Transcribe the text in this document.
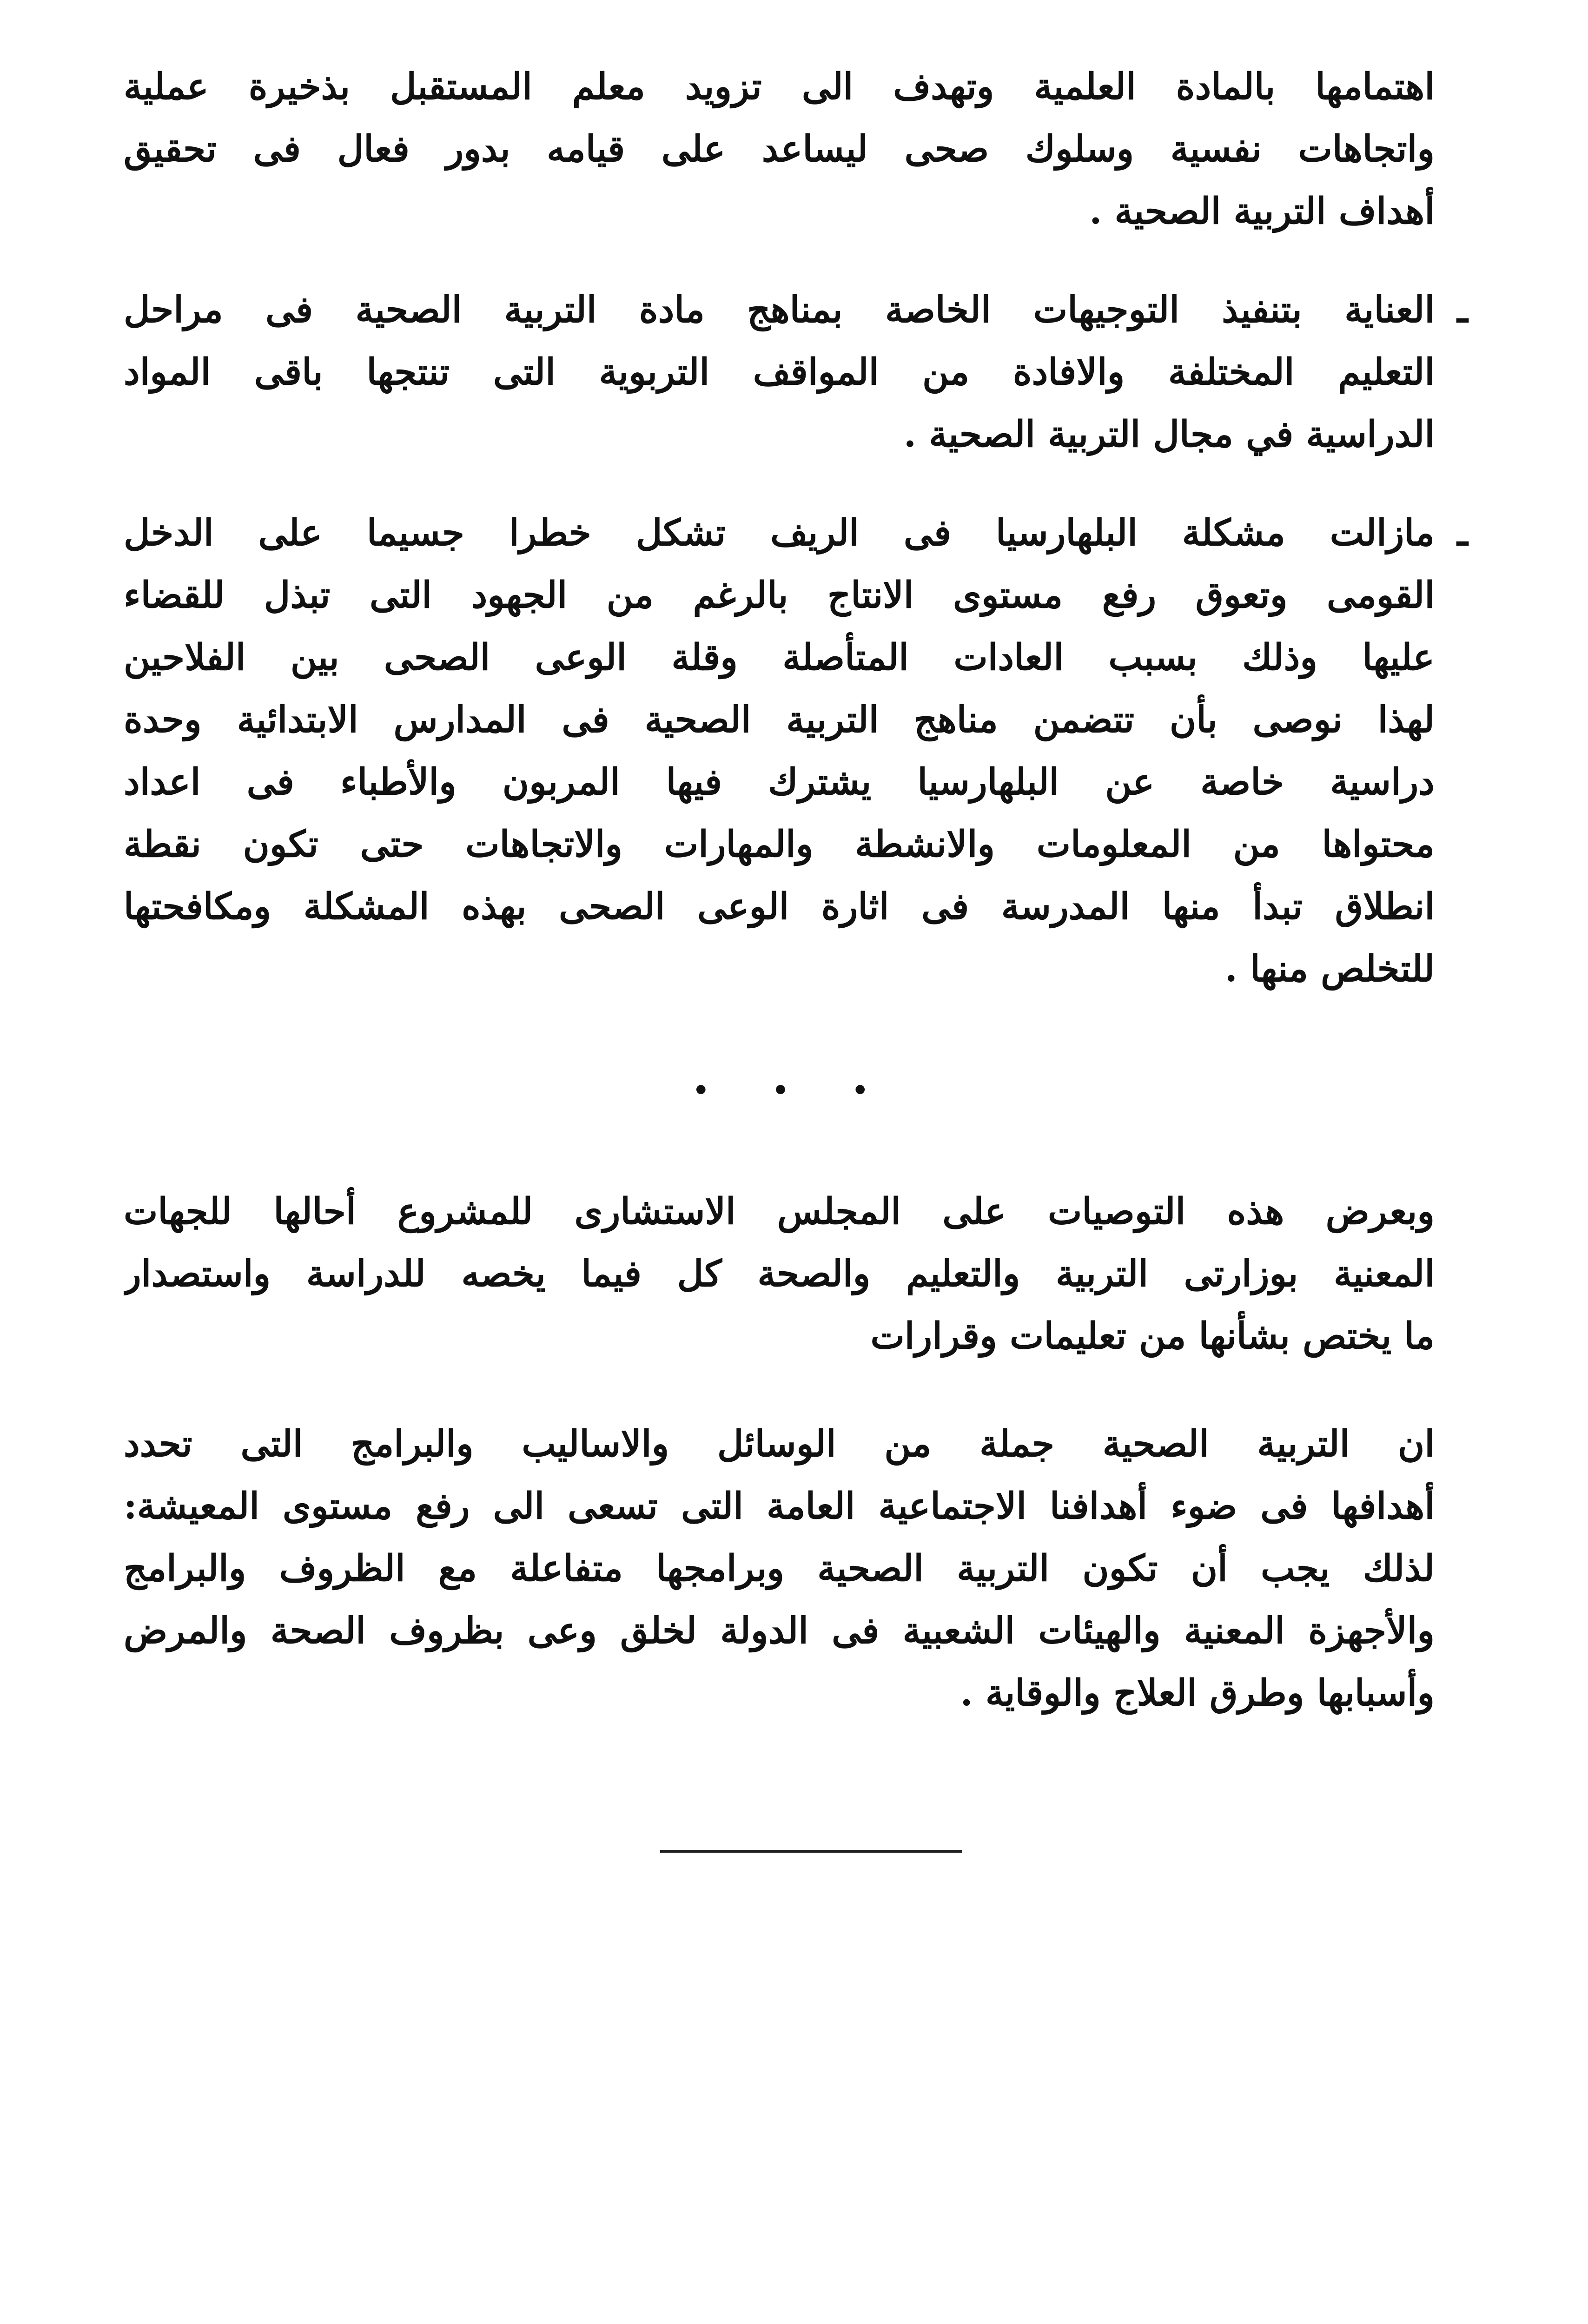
اهتمامها بالمادة العلمية وتهدف الى تزويد معلم المستقبل بذخيرة عملية
واتجاهات نفسية وسلوك صحى ليساعد على قيامه بدور فعال فى تحقيق
أهداف التربية الصحية .
ـ
العناية بتنفيذ التوجيهات الخاصة بمناهج مادة التربية الصحية فى مراحل
التعليم المختلفة والافادة من المواقف التربوية التى تنتجها باقى المواد
الدراسية في مجال التربية الصحية .
ـ
مازالت مشكلة البلهارسيا فى الريف تشكل خطرا جسيما على الدخل
القومى وتعوق رفع مستوى الانتاج بالرغم من الجهود التى تبذل للقضاء
عليها وذلك بسبب العادات المتأصلة وقلة الوعى الصحى بين الفلاحين
لهذا نوصى بأن تتضمن مناهج التربية الصحية فى المدارس الابتدائية وحدة
دراسية خاصة عن البلهارسيا يشترك فيها المربون والأطباء فى اعداد
محتواها من المعلومات والانشطة والمهارات والاتجاهات حتى تكون نقطة
انطلاق تبدأ منها المدرسة فى اثارة الوعى الصحى بهذه المشكلة ومكافحتها
للتخلص منها .
• • •
وبعرض هذه التوصيات على المجلس الاستشارى للمشروع أحالها للجهات
المعنية بوزارتى التربية والتعليم والصحة كل فيما يخصه للدراسة واستصدار
ما يختص بشأنها من تعليمات وقرارات
ان التربية الصحية جملة من الوسائل والاساليب والبرامج التى تحدد
أهدافها فى ضوء أهدافنا الاجتماعية العامة التى تسعى الى رفع مستوى المعيشة:
لذلك يجب أن تكون التربية الصحية وبرامجها متفاعلة مع الظروف والبرامج
والأجهزة المعنية والهيئات الشعبية فى الدولة لخلق وعى بظروف الصحة والمرض
وأسبابها وطرق العلاج والوقاية .
